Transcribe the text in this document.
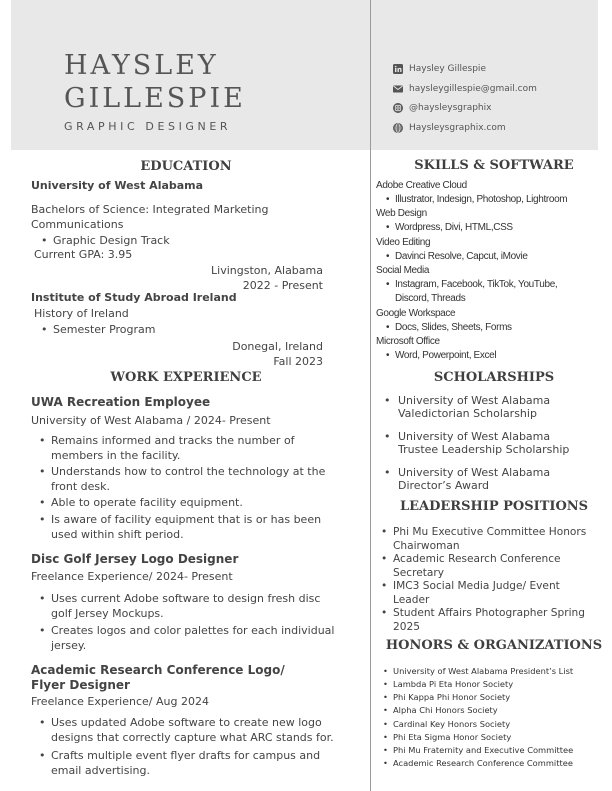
HAYSLEY
GILLESPIE
GRAPHIC DESIGNER
Haysley Gillespie
haysleygillespie@gmail.com
@haysleysgraphix
Haysleysgraphix.com
EDUCATION
University of West Alabama
Bachelors of Science: Integrated Marketing
Communications
• Graphic Design Track
Current GPA: 3.95
Livingston, Alabama
2022 - Present
Institute of Study Abroad Ireland
History of Ireland
• Semester Program
Donegal, Ireland
Fall 2023
WORK EXPERIENCE
UWA Recreation Employee
University of West Alabama / 2024- Present
• Remains informed and tracks the number of
members in the facility.
• Understands how to control the technology at the
front desk.
• Able to operate facility equipment.
• Is aware of facility equipment that is or has been
used within shift period.
Disc Golf Jersey Logo Designer
Freelance Experience/ 2024- Present
• Uses current Adobe software to design fresh disc
golf Jersey Mockups.
• Creates logos and color palettes for each individual
jersey.
Academic Research Conference Logo/
Flyer Designer
Freelance Experience/ Aug 2024
• Uses updated Adobe software to create new logo
designs that correctly capture what ARC stands for.
• Crafts multiple event flyer drafts for campus and
email advertising.
SKILLS & SOFTWARE
Adobe Creative Cloud
• Illustrator, Indesign, Photoshop, Lightroom
Web Design
• Wordpress, Divi, HTML,CSS
Video Editing
• Davinci Resolve, Capcut, iMovie
Social Media
• Instagram, Facebook, TikTok, YouTube,
Discord, Threads
Google Workspace
• Docs, Slides, Sheets, Forms
Microsoft Office
• Word, Powerpoint, Excel
SCHOLARSHIPS
• University of West Alabama
Valedictorian Scholarship
• University of West Alabama
Trustee Leadership Scholarship
• University of West Alabama
Director’s Award
LEADERSHIP POSITIONS
• Phi Mu Executive Committee Honors
Chairwoman
• Academic Research Conference
Secretary
• IMC3 Social Media Judge/ Event
Leader
• Student Affairs Photographer Spring
2025
HONORS & ORGANIZATIONS
• University of West Alabama President’s List
• Lambda Pi Eta Honor Society
• Phi Kappa Phi Honor Society
• Alpha Chi Honors Society
• Cardinal Key Honors Society
• Phi Eta Sigma Honor Society
• Phi Mu Fraternity and Executive Committee
• Academic Research Conference Committee
